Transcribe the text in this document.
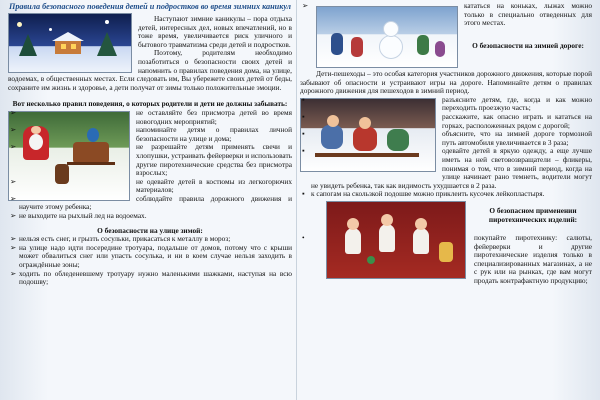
Правила безопасного поведения детей и подростков во время зимних каникул

Наступают зимние каникулы – пора отдыха детей, интересных дел, новых впечатлений, но в тоже время, увеличивается риск уличного и бытового травматизма среди детей и подростков.

Поэтому, родителям необходимо позаботиться о безопасности своих детей и напомнить о правилах поведения дома, на улице, водоемах, в общественных местах. Если следовать им, Вы убережете своих детей от беды, сохраните им жизнь и здоровье, а дети получат от зимы только положительные эмоции.

Вот несколько правил поведения, о которых родители и дети не должны забывать:

➢	не оставляйте без присмотра детей во время новогодних мероприятий;
➢	напоминайте детям о правилах личной безопасности на улице и дома;
➢	не разрешайте детям применять свечи и хлопушки, устраивать фейерверки и использовать другие пиротехнические средства без присмотра взрослых;
➢	не одевайте детей в костюмы из легкогорючих материалов;
➢	соблюдайте правила дорожного движения и научите этому ребенка;
➢ не выходите на рыхлый лед на водоемах.

О безопасности на улице зимой:

➢ нельзя есть снег, и грызть сосульки, прикасаться к металлу в мороз;
➢ на улице надо идти посередине тротуара, подальше от домов, потому что с крыши может обвалиться снег или упасть сосулька, и ни в коем случае нельзя заходить в ограждённые зоны;
➢ ходить по обледеневшему тротуару нужно маленькими шажками, наступая на всю подошву;
➢	кататься на коньках, лыжах можно только в специально отведенных для этого местах.

О безопасности на зимней дороге:

Дети-пешеходы – это особая категория участников дорожного движения, которые порой забывают об опасности и устраивают игры на дороге. Напоминайте детям о правилах дорожного движения для пешеходов в зимний период.

▪	разъясните детям, где, когда и как можно переходить проезжую часть;
▪	расскажите, как опасно играть и кататься на горках, расположенных рядом с дорогой;
▪	объясните, что на зимней дороге тормозной путь автомобиля увеличивается в 3 раза;
▪	одевайте детей в яркую одежду, а еще лучше иметь на ней световозвращатели – фликеры, понимая о том, что в зимний период, когда на улице начинает рано темнеть, водители могут не увидеть ребенка, так как видимость ухудшается в 2 раза.
▪ к сапогам на скользкой подошве можно приклеить кусочек лейкопластыря.

О безопасном применении пиротехнических изделий:

•	покупайте пиротехнику: салюты, фейерверки и другие пиротехнические изделия только в специализированных магазинах, а не с рук или на рынках, где вам могут продать контрафактную продукцию;
